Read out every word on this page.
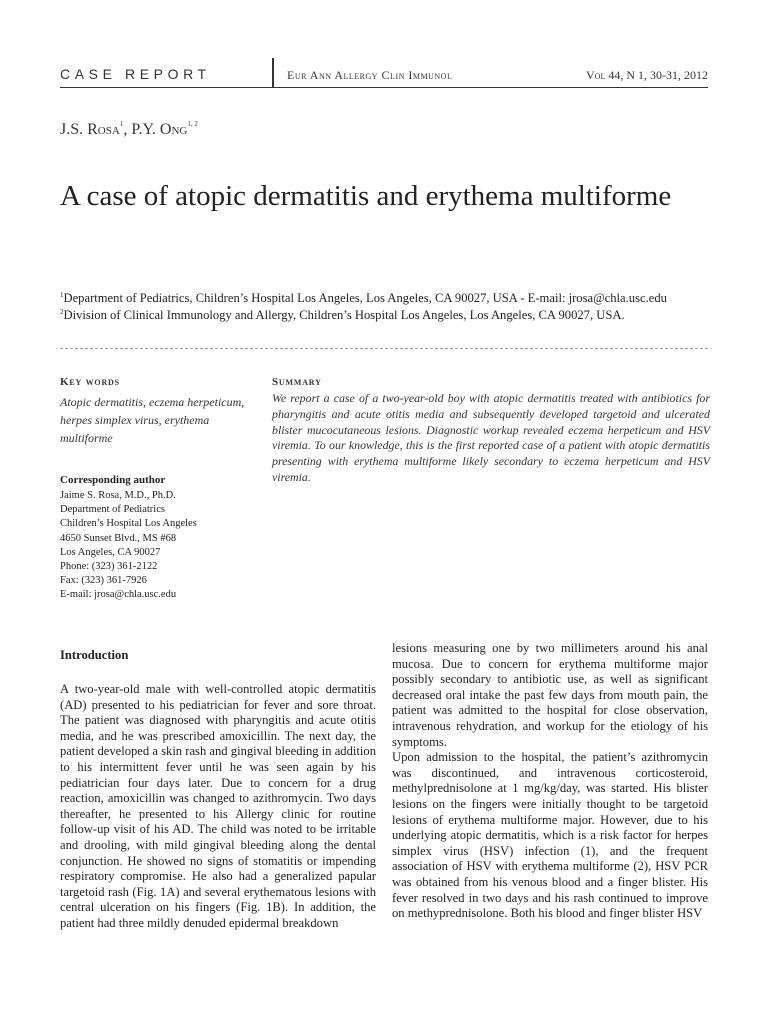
CASE REPORT	Eur Ann Allergy Clin Immunol	Vol 44, N 1, 30-31, 2012
J.S. Rosa$^1$, P.Y. Ong$^{1, 2}$
A case of atopic dermatitis and erythema multiforme
$^1$Department of Pediatrics, Children’s Hospital Los Angeles, Los Angeles, CA 90027, USA - E-mail: jrosa@chla.usc.edu
$^2$Division of Clinical Immunology and Allergy, Children’s Hospital Los Angeles, Los Angeles, CA 90027, USA.
Key words
Atopic dermatitis, eczema herpeticum, herpes simplex virus, erythema multiforme
Summary
We report a case of a two-year-old boy with atopic dermatitis treated with antibiotics for pharyngitis and acute otitis media and subsequently developed targetoid and ulcerated blister mucocutaneous lesions. Diagnostic workup revealed eczema herpeticum and HSV viremia. To our knowledge, this is the first reported case of a patient with atopic dermatitis presenting with erythema multiforme likely secondary to eczema herpeticum and HSV viremia.
Corresponding author
Jaime S. Rosa, M.D., Ph.D.
Department of Pediatrics
Children’s Hospital Los Angeles
4650 Sunset Blvd., MS #68
Los Angeles, CA 90027
Phone: (323) 361-2122
Fax: (323) 361-7926
E-mail: jrosa@chla.usc.edu
Introduction

A two-year-old male with well-controlled atopic dermatitis (AD) presented to his pediatrician for fever and sore throat. The patient was diagnosed with pharyngitis and acute otitis media, and he was prescribed amoxicillin. The next day, the patient developed a skin rash and gingival bleeding in addition to his intermittent fever until he was seen again by his pediatrician four days later. Due to concern for a drug reaction, amoxicillin was changed to azithromycin. Two days thereafter, he presented to his Allergy clinic for routine follow-up visit of his AD. The child was noted to be irritable and drooling, with mild gingival bleeding along the dental conjunction. He showed no signs of stomatitis or impending respiratory compromise. He also had a generalized papular targetoid rash (Fig. 1A) and several erythematous lesions with central ulceration on his fingers (Fig. 1B). In addition, the patient had three mildly denuded epidermal breakdown

lesions measuring one by two millimeters around his anal mucosa. Due to concern for erythema multiforme major possibly secondary to antibiotic use, as well as significant decreased oral intake the past few days from mouth pain, the patient was admitted to the hospital for close observation, intravenous rehydration, and workup for the etiology of his symptoms.

Upon admission to the hospital, the patient’s azithromycin was discontinued, and intravenous corticosteroid, methylprednisolone at 1 mg/kg/day, was started. His blister lesions on the fingers were initially thought to be targetoid lesions of erythema multiforme major. However, due to his underlying atopic dermatitis, which is a risk factor for herpes simplex virus (HSV) infection (1), and the frequent association of HSV with erythema multiforme (2), HSV PCR was obtained from his venous blood and a finger blister. His fever resolved in two days and his rash continued to improve on methyprednisolone. Both his blood and finger blister HSV
